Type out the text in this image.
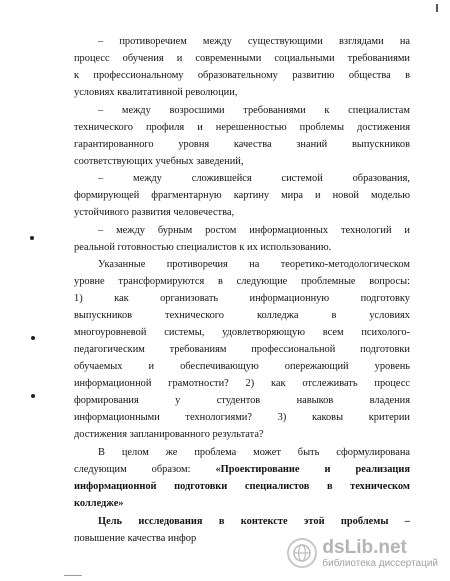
– противоречием между существующими взглядами на
процесс обучения и современными социальными требованиями
к профессиональному образовательному развитию общества в
условиях квалитативной революции,
– между возросшими требованиями к специалистам
технического профиля и нерешенностью проблемы достижения
гарантированного уровня качества знаний выпускников
соответствующих учебных заведений,
– между сложившейся системой образования,
формирующей фрагментарную картину мира и новой моделью
устойчивого развития человечества,
– между бурным ростом информационных технологий и
реальной готовностью специалистов к их использованию.
Указанные противоречия на теоретико-методологическом
уровне трансформируются в следующие проблемные вопросы:
1) как организовать информационную подготовку
выпускников технического колледжа в условиях
многоуровневой системы, удовлетворяющую всем психолого-
педагогическим требованиям профессиональной подготовки
обучаемых и обеспечивающую опережающий уровень
информационной грамотности? 2) как отслеживать процесс
формирования у студентов навыков владения
информационными технологиями? 3) каковы критерии
достижения запланированного результата?
В целом же проблема может быть сформулирована
следующим образом: «Проектирование и реализация
информационной подготовки специалистов в техническом
колледже»
Цель исследования в контексте этой проблемы –
повышение качества инфор	dsLib.net
библиотека диссертаций
